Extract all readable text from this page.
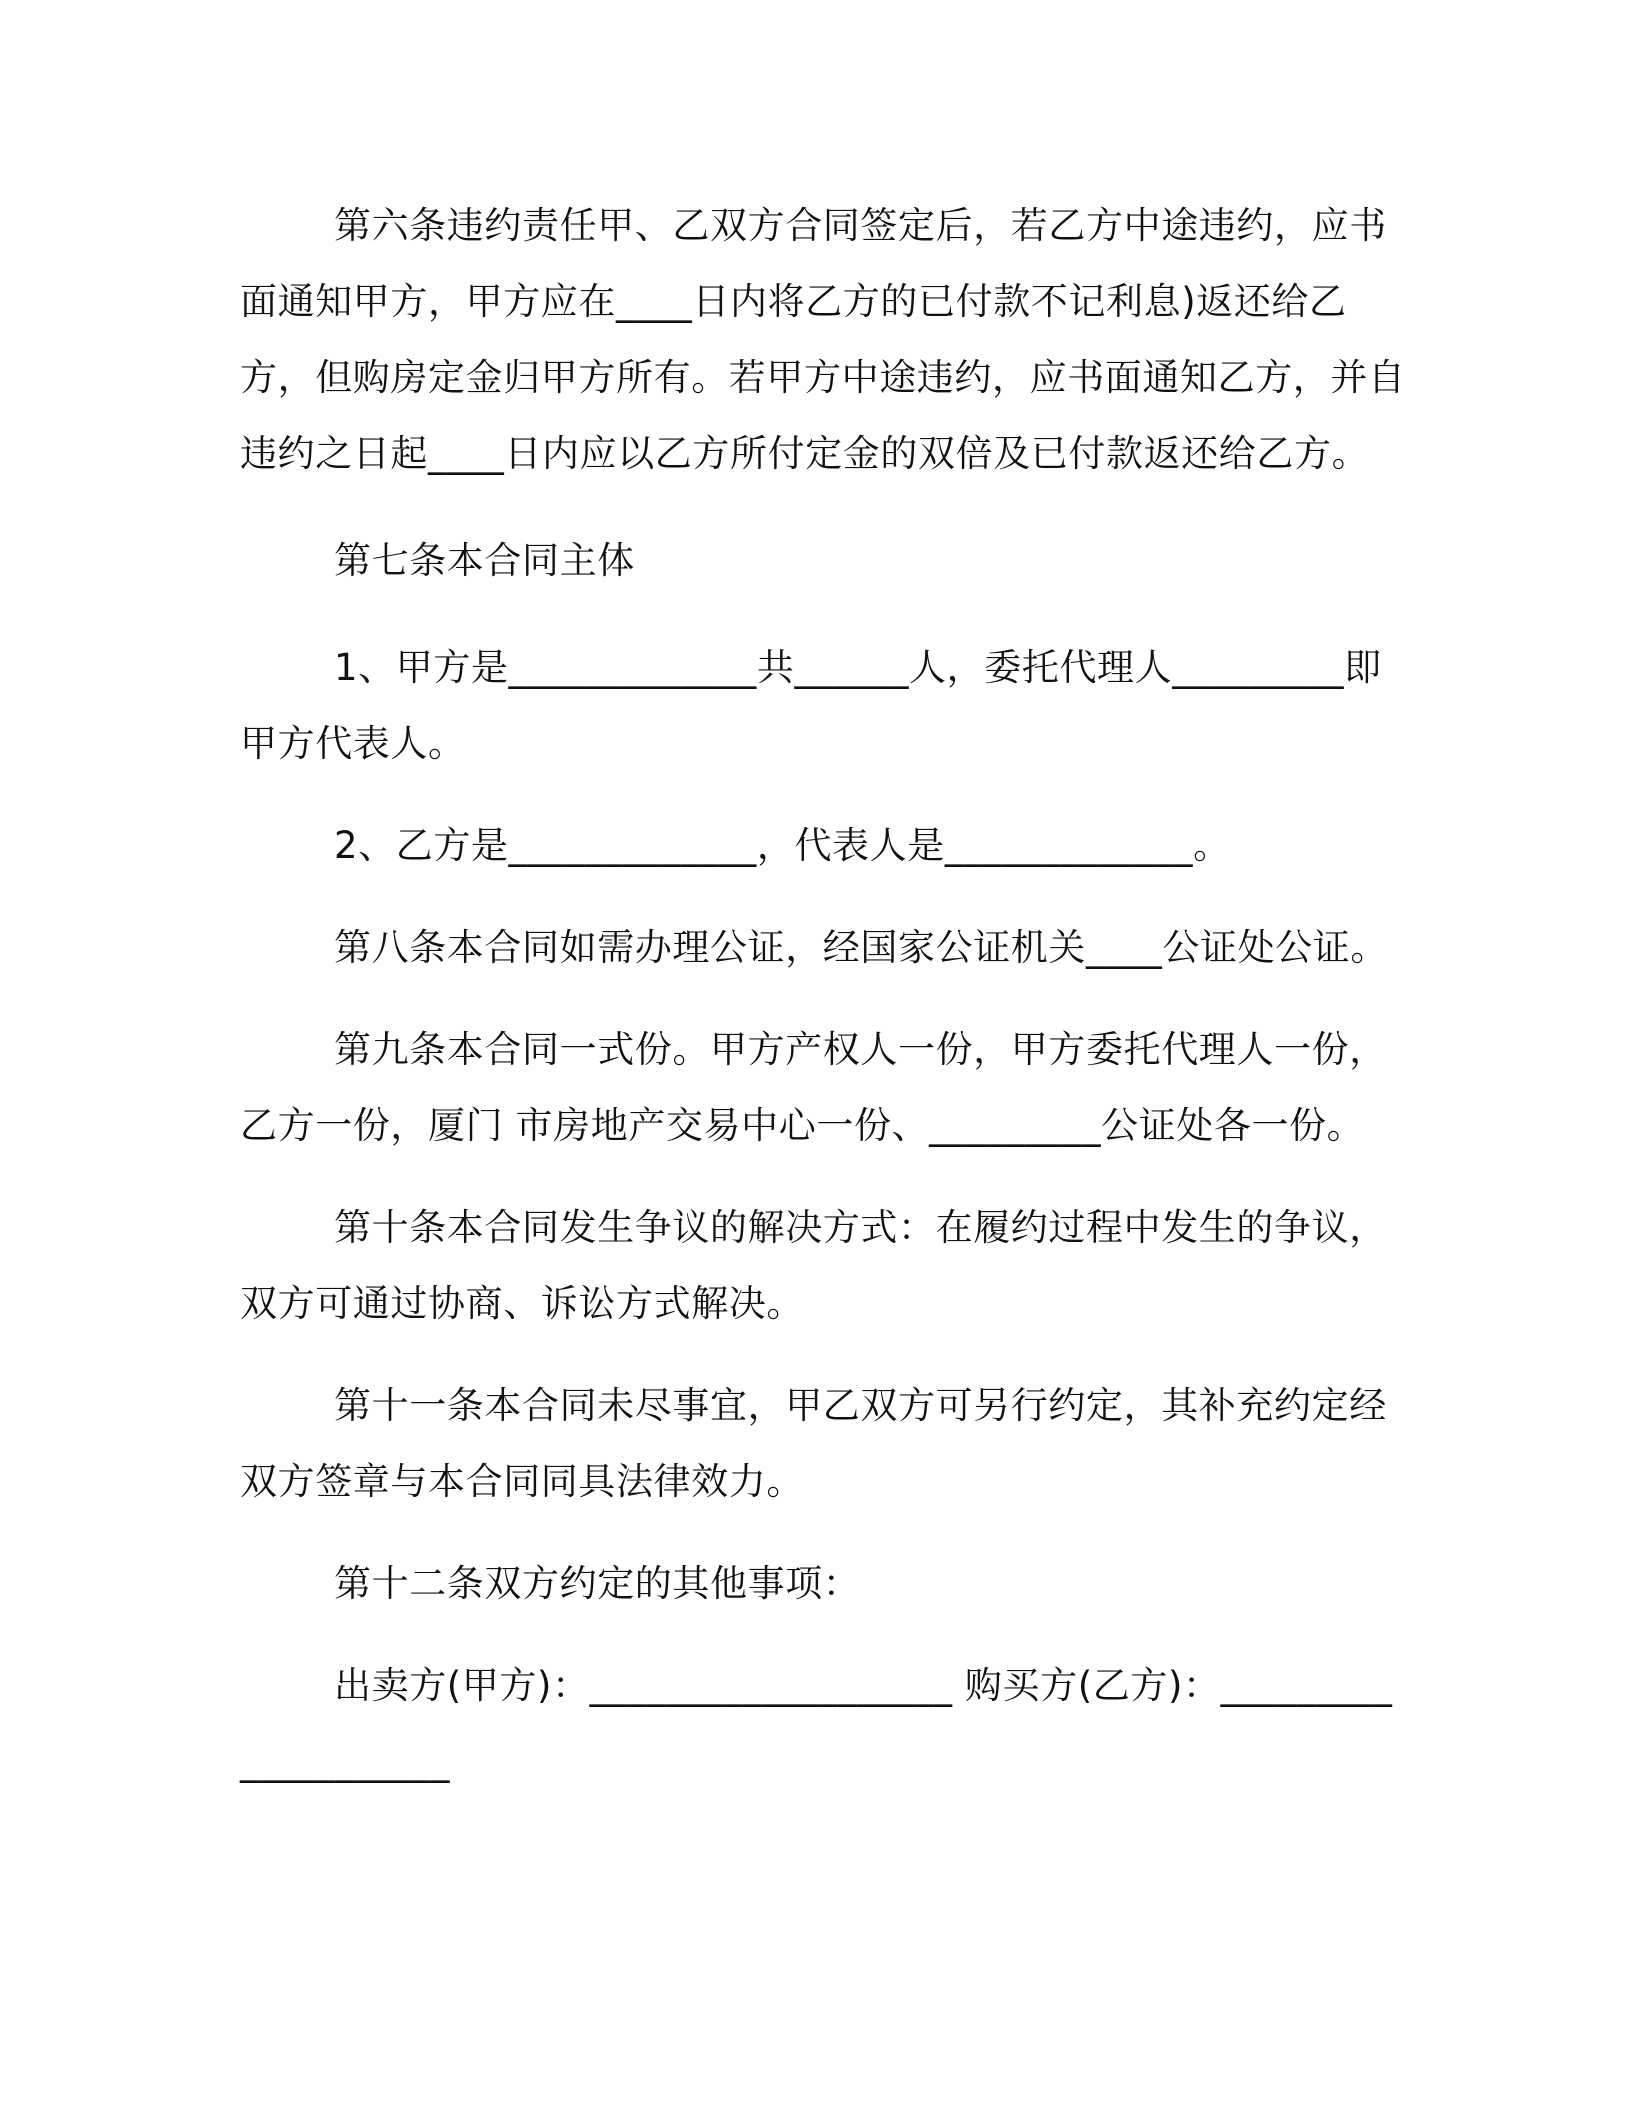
第六条违约责任甲、乙双方合同签定后，若乙方中途违约，应书面通知甲方，甲方应在____日内将乙方的已付款不记利息)返还给乙方，但购房定金归甲方所有。若甲方中途违约，应书面通知乙方，并自违约之日起____日内应以乙方所付定金的双倍及已付款返还给乙方。

第七条本合同主体

1、甲方是_____________共______人，委托代理人_________即甲方代表人。

2、乙方是_____________，代表人是_____________。

第八条本合同如需办理公证，经国家公证机关____公证处公证。

第九条本合同一式份。甲方产权人一份，甲方委托代理人一份，乙方一份，厦门 市房地产交易中心一份、_________公证处各一份。

第十条本合同发生争议的解决方式：在履约过程中发生的争议，双方可通过协商、诉讼方式解决。

第十一条本合同未尽事宜，甲乙双方可另行约定，其补充约定经双方签章与本合同同具法律效力。

第十二条双方约定的其他事项：

出卖方(甲方)：___________________ 购买方(乙方)：____________________
